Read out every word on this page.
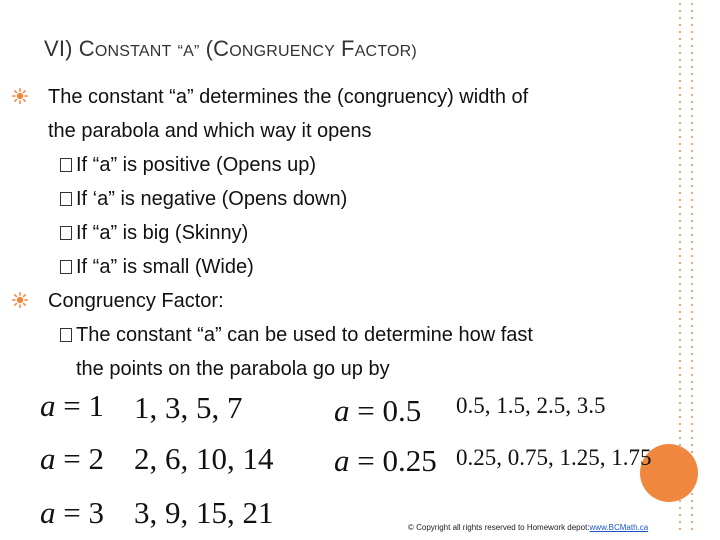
VI) CONSTANT “A” (CONGRUENCY FACTOR)
The constant “a” determines the (congruency) width of
the parabola and which way it opens
If “a” is positive (Opens up)
If ‘a” is negative (Opens down)
If “a” is big (Skinny)
If “a” is small (Wide)
Congruency Factor:
The constant “a” can be used to determine how fast
the points on the parabola go up by
a = 1 1, 3, 5, 7
a = 2 2, 6, 10, 14
a = 3 3, 9, 15, 21
a = 0.5 0.5, 1.5, 2.5, 3.5
a = 0.25 0.25, 0.75, 1.25, 1.75
© Copyright all rights reserved to Homework depot:www.BCMath.ca
